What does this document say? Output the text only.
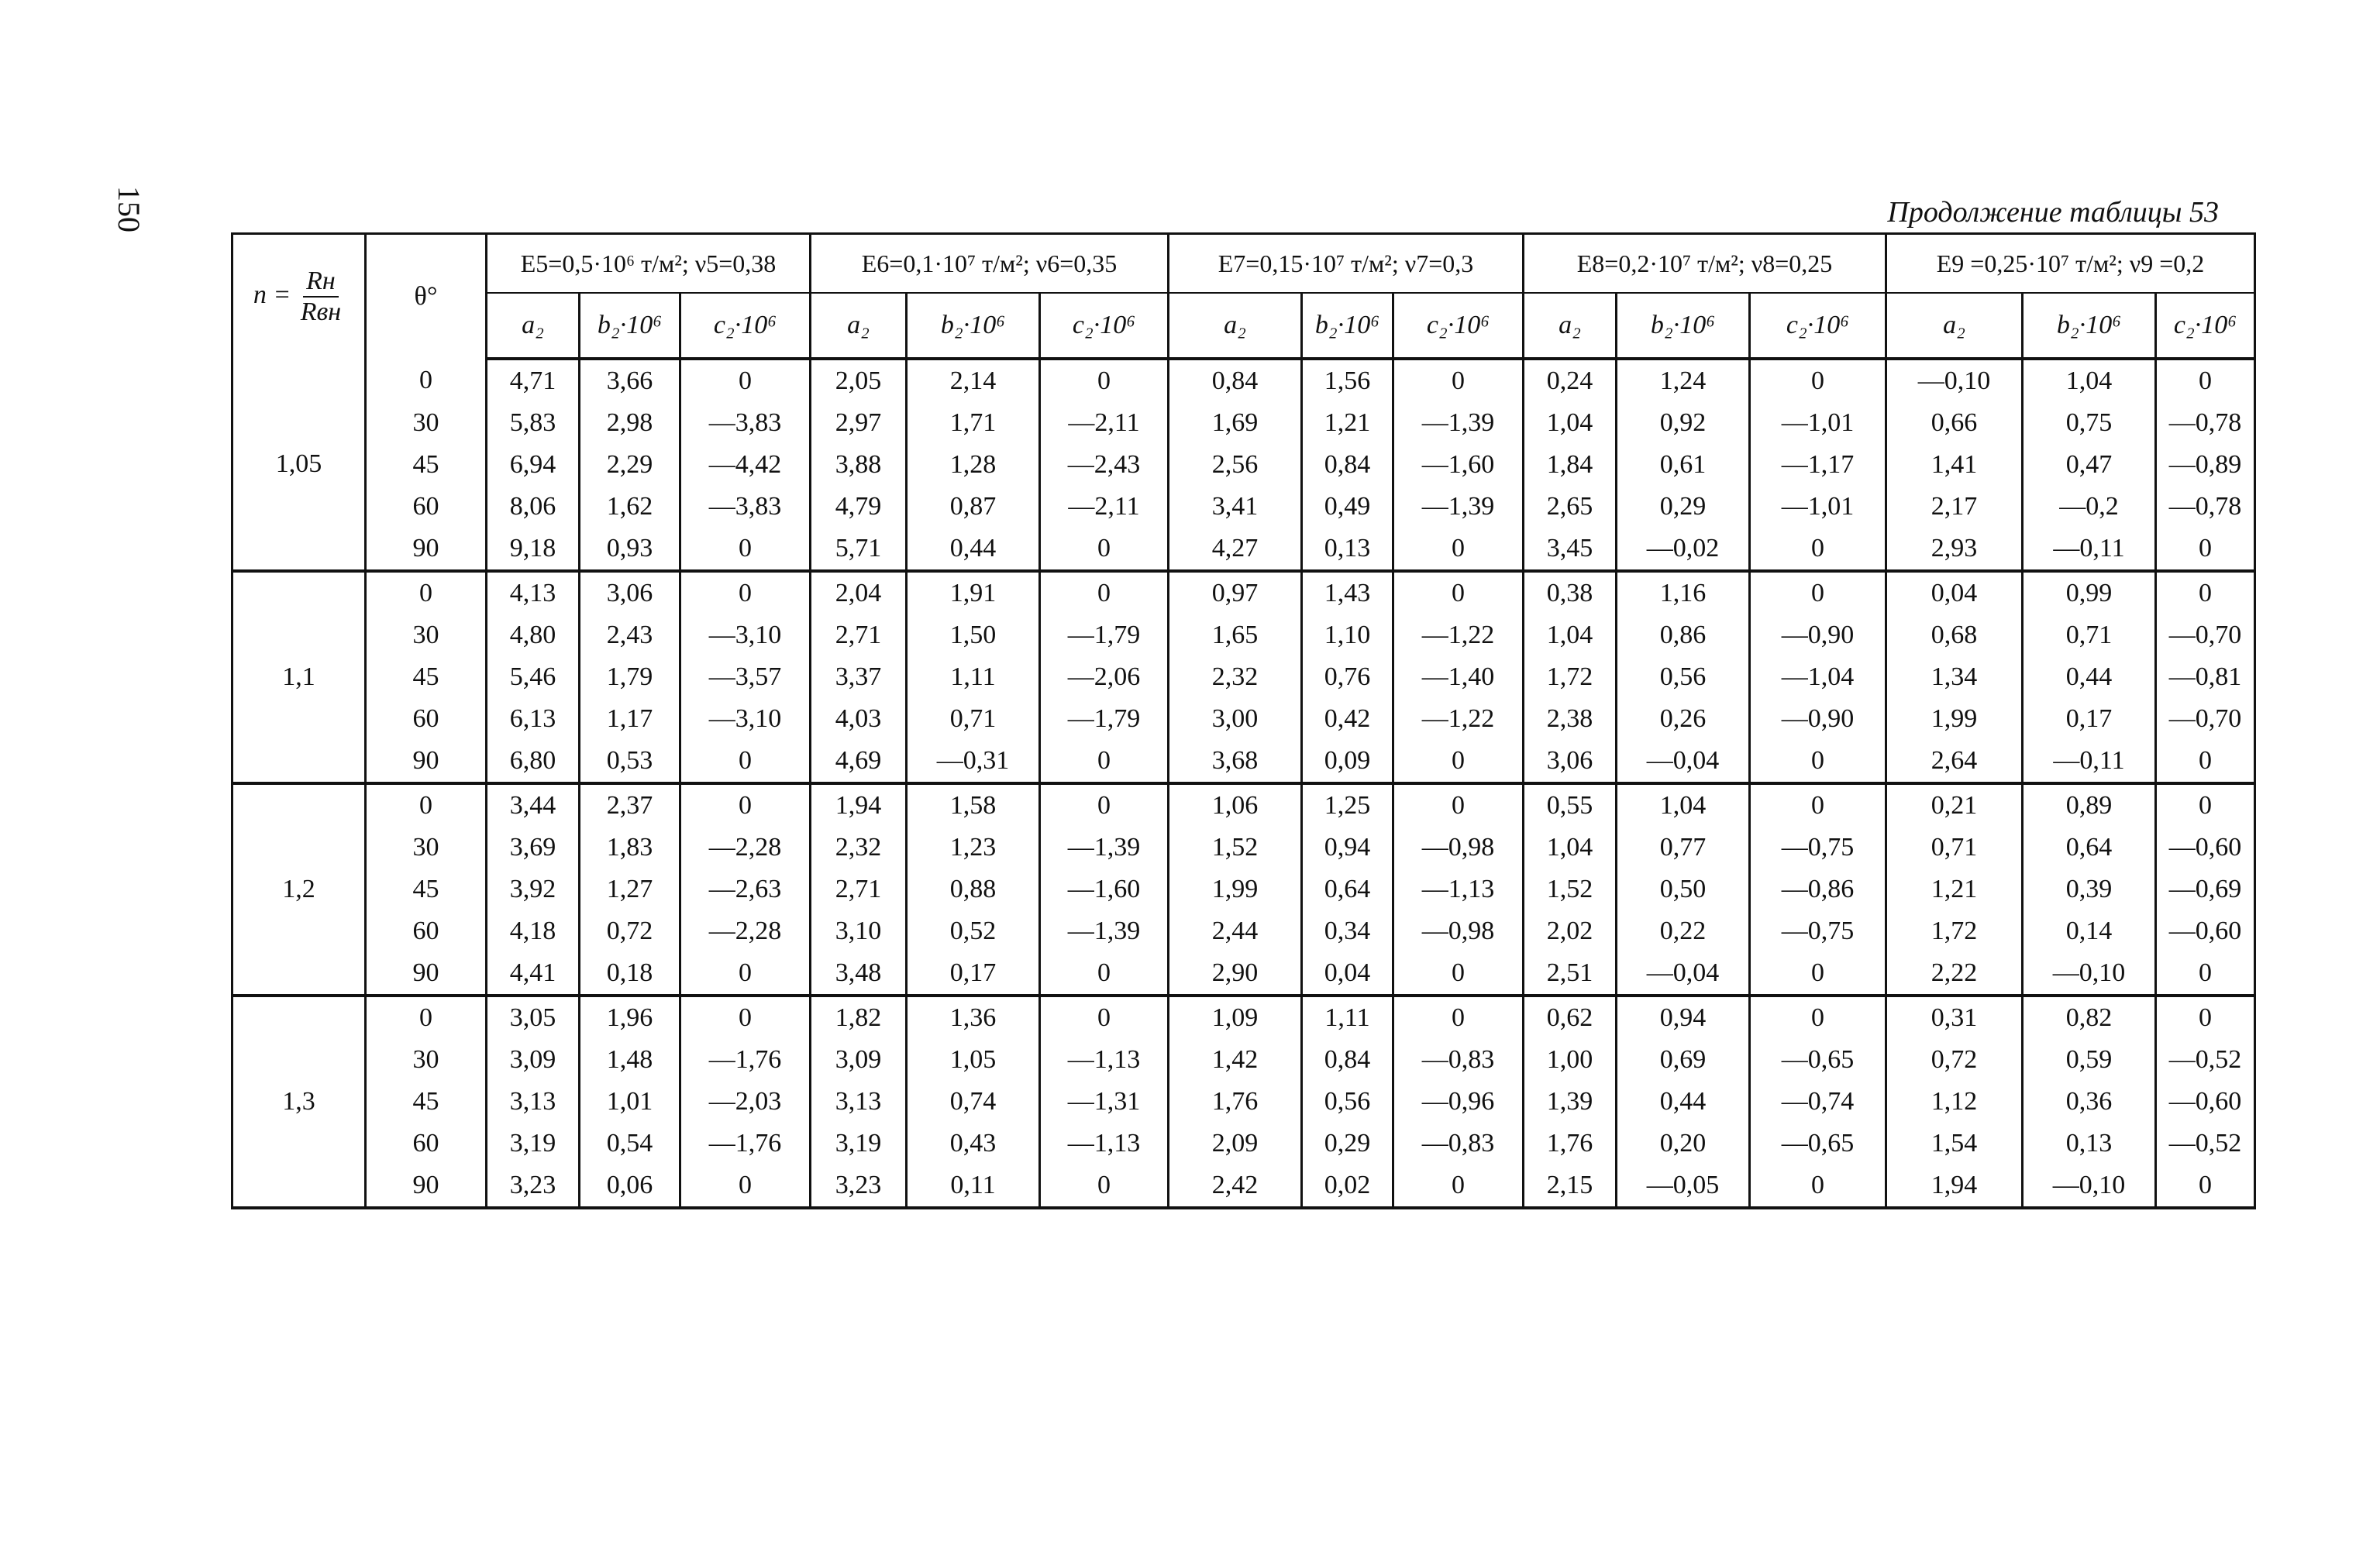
150	Продолжение таблицы 53
$n = \frac{Rн}{\text{Rвн}}$	θ°	E5=0,5·10⁶ т/м²; ν5=0,38			E6=0,1·10⁷ т/м²; ν6=0,35			E7=0,15·10⁷ т/м²; ν7=0,3			E8=0,2·10⁷ т/м²; ν8=0,25			E9 =0,25·10⁷ т/м²; ν9 =0,2		
		a₂	b₂·10⁶	c₂·10⁶	a₂	b₂·10⁶	c₂·10⁶	a₂	b₂·10⁶	c₂·10⁶	a₂	b₂·10⁶	c₂·10⁶	a₂	b₂·10⁶	c₂·10⁶
1,05	0	4,71	3,66	0	2,05	2,14	0	0,84	1,56	0	0,24	1,24	0	—0,10	1,04	0
	30	5,83	2,98	—3,83	2,97	1,71	—2,11	1,69	1,21	—1,39	1,04	0,92	—1,01	0,66	0,75	—0,78
	45	6,94	2,29	—4,42	3,88	1,28	—2,43	2,56	0,84	—1,60	1,84	0,61	—1,17	1,41	0,47	—0,89
	60	8,06	1,62	—3,83	4,79	0,87	—2,11	3,41	0,49	—1,39	2,65	0,29	—1,01	2,17	—0,2	—0,78
	90	9,18	0,93	0	5,71	0,44	0	4,27	0,13	0	3,45	—0,02	0	2,93	—0,11	0
1,1	0	4,13	3,06	0	2,04	1,91	0	0,97	1,43	0	0,38	1,16	0	0,04	0,99	0
	30	4,80	2,43	—3,10	2,71	1,50	—1,79	1,65	1,10	—1,22	1,04	0,86	—0,90	0,68	0,71	—0,70
	45	5,46	1,79	—3,57	3,37	1,11	—2,06	2,32	0,76	—1,40	1,72	0,56	—1,04	1,34	0,44	—0,81
	60	6,13	1,17	—3,10	4,03	0,71	—1,79	3,00	0,42	—1,22	2,38	0,26	—0,90	1,99	0,17	—0,70
	90	6,80	0,53	0	4,69	—0,31	0	3,68	0,09	0	3,06	—0,04	0	2,64	—0,11	0
1,2	0	3,44	2,37	0	1,94	1,58	0	1,06	1,25	0	0,55	1,04	0	0,21	0,89	0
	30	3,69	1,83	—2,28	2,32	1,23	—1,39	1,52	0,94	—0,98	1,04	0,77	—0,75	0,71	0,64	—0,60
	45	3,92	1,27	—2,63	2,71	0,88	—1,60	1,99	0,64	—1,13	1,52	0,50	—0,86	1,21	0,39	—0,69
	60	4,18	0,72	—2,28	3,10	0,52	—1,39	2,44	0,34	—0,98	2,02	0,22	—0,75	1,72	0,14	—0,60
	90	4,41	0,18	0	3,48	0,17	0	2,90	0,04	0	2,51	—0,04	0	2,22	—0,10	0
1,3	0	3,05	1,96	0	1,82	1,36	0	1,09	1,11	0	0,62	0,94	0	0,31	0,82	0
	30	3,09	1,48	—1,76	3,09	1,05	—1,13	1,42	0,84	—0,83	1,00	0,69	—0,65	0,72	0,59	—0,52
	45	3,13	1,01	—2,03	3,13	0,74	—1,31	1,76	0,56	—0,96	1,39	0,44	—0,74	1,12	0,36	—0,60
	60	3,19	0,54	—1,76	3,19	0,43	—1,13	2,09	0,29	—0,83	1,76	0,20	—0,65	1,54	0,13	—0,52
	90	3,23	0,06	0	3,23	0,11	0	2,42	0,02	0	2,15	—0,05	0	1,94	—0,10	0
